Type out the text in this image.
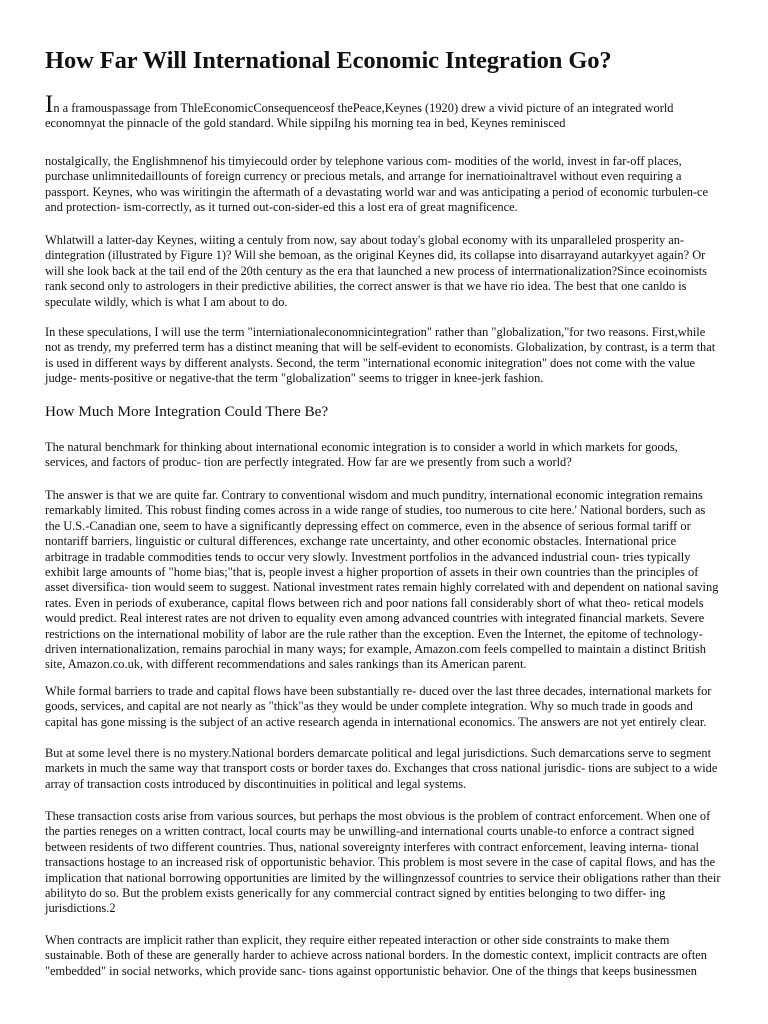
How Far Will International Economic Integration Go?

In a framouspassage from ThleEconomicConsequenceosf thePeace,Keynes (1920) drew a vivid picture of an integrated world economnyat the pinnacle of the gold standard. While sippiIng his morning tea in bed, Keynes reminisced

nostalgically, the Englishmnenof his timyiecould order by telephone various com- modities of the world, invest in far-off places, purchase unlimnitedaillounts of foreign currency or precious metals, and arrange for inernatioinaltravel without even requiring a passport. Keynes, who was wiritingin the aftermath of a devastating world war and was anticipating a period of economic turbulen-ce and protection- ism-correctly, as it turned out-con-sider-ed this a lost era of great magnificence.

Whlatwill a latter-day Keynes, wiiting a centuly from now, say about today's global economy with its unparalleled prosperity an-dintegration (illustrated by Figure 1)? Will she bemoan, as the original Keynes did, its collapse into disarrayand autarkyyet again? Or will she look back at the tail end of the 20th century as the era that launched a new process of interrnationalization?Since ecoinomists rank second only to astrologers in their predictive abilities, the correct answer is that we have rio idea. The best that one canldo is speculate wildly, which is what I am about to do.

In these speculations, I will use the term "interniationaleconomnicintegration" rather than "globalization,"for two reasons. First,while not as trendy, my preferred term has a distinct meaning that will be self-evident to economists. Globalization, by contrast, is a term that is used in different ways by different analysts. Second, the term "international economic initegration" does not come with the value judge- ments-positive or negative-that the term "globalization" seems to trigger in knee-jerk fashion.

How Much More Integration Could There Be?

The natural benchmark for thinking about international economic integration is to consider a world in which markets for goods, services, and factors of produc- tion are perfectly integrated. How far are we presently from such a world?

The answer is that we are quite far. Contrary to conventional wisdom and much punditry, international economic integration remains remarkably limited. This robust finding comes across in a wide range of studies, too numerous to cite here.' National borders, such as the U.S.-Canadian one, seem to have a significantly depressing effect on commerce, even in the absence of serious formal tariff or nontariff barriers, linguistic or cultural differences, exchange rate uncertainty, and other economic obstacles. International price arbitrage in tradable commodities tends to occur very slowly. Investment portfolios in the advanced industrial coun- tries typically exhibit large amounts of "home bias;"that is, people invest a higher proportion of assets in their own countries than the principles of asset diversifica- tion would seem to suggest. National investment rates remain highly correlated with and dependent on national saving rates. Even in periods of exuberance, capital flows between rich and poor nations fall considerably short of what theo- retical models would predict. Real interest rates are not driven to equality even among advanced countries with integrated financial markets. Severe restrictions on the international mobility of labor are the rule rather than the exception. Even the Internet, the epitome of technology-driven internationalization, remains parochial in many ways; for example, Amazon.com feels compelled to maintain a distinct British site, Amazon.co.uk, with different recommendations and sales rankings than its American parent.

While formal barriers to trade and capital flows have been substantially re- duced over the last three decades, international markets for goods, services, and capital are not nearly as "thick"as they would be under complete integration. Why so much trade in goods and capital has gone missing is the subject of an active research agenda in international economics. The answers are not yet entirely clear.

But at some level there is no mystery.National borders demarcate political and legal jurisdictions. Such demarcations serve to segment markets in much the same way that transport costs or border taxes do. Exchanges that cross national jurisdic- tions are subject to a wide array of transaction costs introduced by discontinuities in political and legal systems.

These transaction costs arise from various sources, but perhaps the most obvious is the problem of contract enforcement. When one of the parties reneges on a written contract, local courts may be unwilling-and international courts unable-to enforce a contract signed between residents of two different countries. Thus, national sovereignty interferes with contract enforcement, leaving interna- tional transactions hostage to an increased risk of opportunistic behavior. This problem is most severe in the case of capital flows, and has the implication that national borrowing opportunities are limited by the willingnzessof countries to service their obligations rather than their abilityto do so. But the problem exists generically for any commercial contract signed by entities belonging to two differ- ing jurisdictions.2

When contracts are implicit rather than explicit, they require either repeated interaction or other side constraints to make them sustainable. Both of these are generally harder to achieve across national borders. In the domestic context, implicit contracts are often "embedded" in social networks, which provide sanc- tions against opportunistic behavior. One of the things that keeps businessmen
